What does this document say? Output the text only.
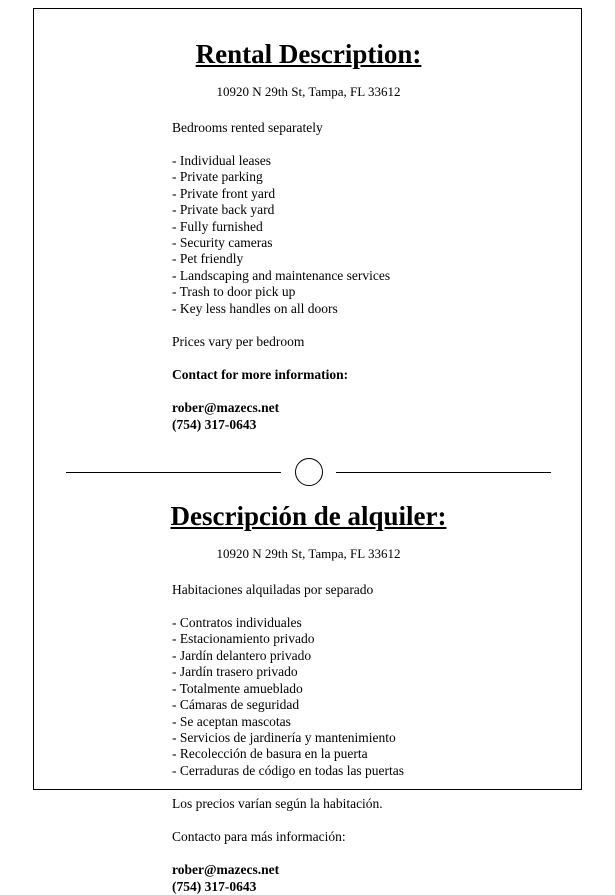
Rental Description:

10920 N 29th St, Tampa, FL 33612

Bedrooms rented separately

- Individual leases
- Private parking
- Private front yard
- Private back yard
- Fully furnished
- Security cameras
- Pet friendly
- Landscaping and maintenance services
- Trash to door pick up
- Key less handles on all doors

Prices vary per bedroom

Contact for more information:

rober@mazecs.net

(754) 317-0643

Descripción de alquiler:

10920 N 29th St, Tampa, FL 33612

Habitaciones alquiladas por separado

- Contratos individuales
- Estacionamiento privado
- Jardín delantero privado
- Jardín trasero privado
- Totalmente amueblado
- Cámaras de seguridad
- Se aceptan mascotas
- Servicios de jardinería y mantenimiento
- Recolección de basura en la puerta
- Cerraduras de código en todas las puertas

Los precios varían según la habitación.

Contacto para más información:

rober@mazecs.net

(754) 317-0643
